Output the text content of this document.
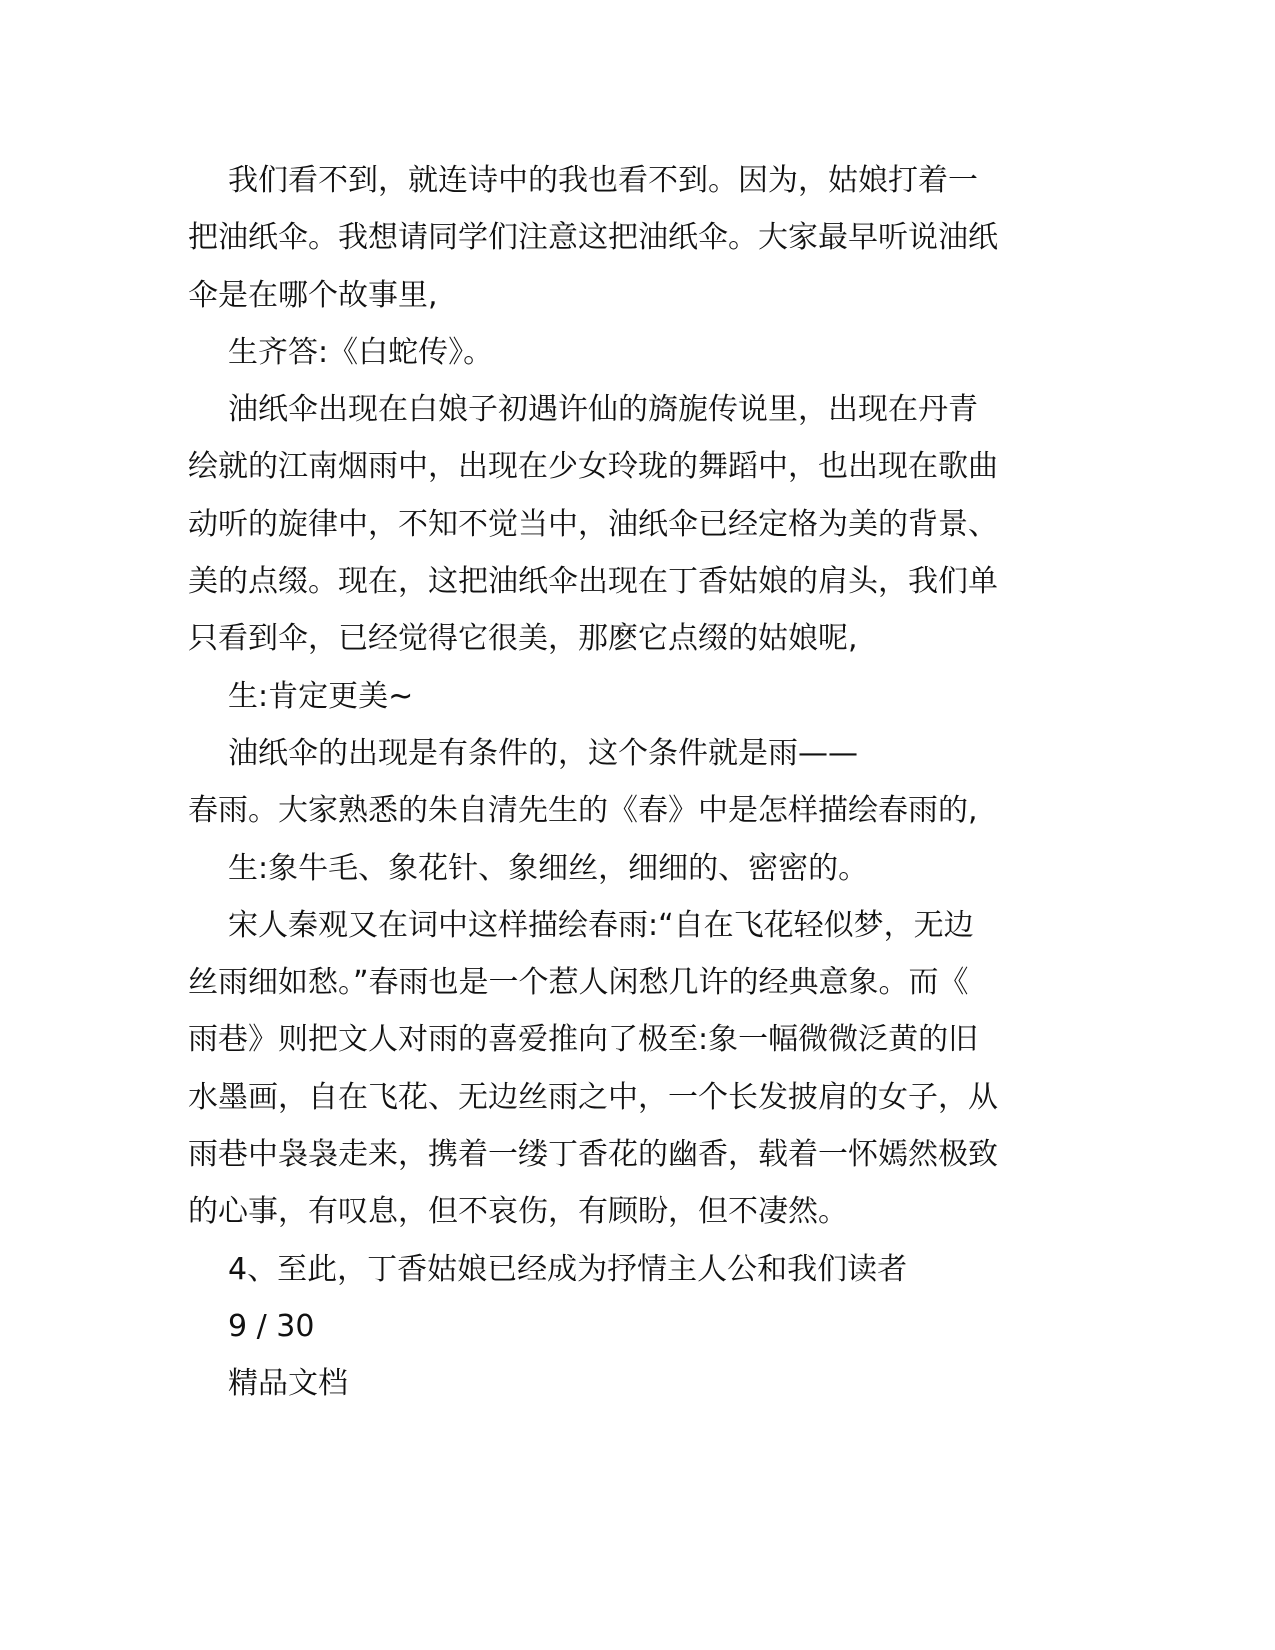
我们看不到，就连诗中的我也看不到。因为，姑娘打着一
把油纸伞。我想请同学们注意这把油纸伞。大家最早听说油纸
伞是在哪个故事里,

生齐答:《白蛇传》。

油纸伞出现在白娘子初遇许仙的旖旎传说里，出现在丹青
绘就的江南烟雨中，出现在少女玲珑的舞蹈中，也出现在歌曲
动听的旋律中，不知不觉当中，油纸伞已经定格为美的背景、
美的点缀。现在，这把油纸伞出现在丁香姑娘的肩头，我们单
只看到伞，已经觉得它很美，那麽它点缀的姑娘呢,

生:肯定更美~

油纸伞的出现是有条件的，这个条件就是雨——
春雨。大家熟悉的朱自清先生的《春》中是怎样描绘春雨的,

生:象牛毛、象花针、象细丝，细细的、密密的。

宋人秦观又在词中这样描绘春雨:“自在飞花轻似梦，无边
丝雨细如愁。”春雨也是一个惹人闲愁几许的经典意象。而《
雨巷》则把文人对雨的喜爱推向了极至:象一幅微微泛黄的旧
水墨画，自在飞花、无边丝雨之中，一个长发披肩的女子，从
雨巷中袅袅走来，携着一缕丁香花的幽香，载着一怀嫣然极致
的心事，有叹息，但不哀伤，有顾盼，但不凄然。

4、至此，丁香姑娘已经成为抒情主人公和我们读者

9 / 30

精品文档
